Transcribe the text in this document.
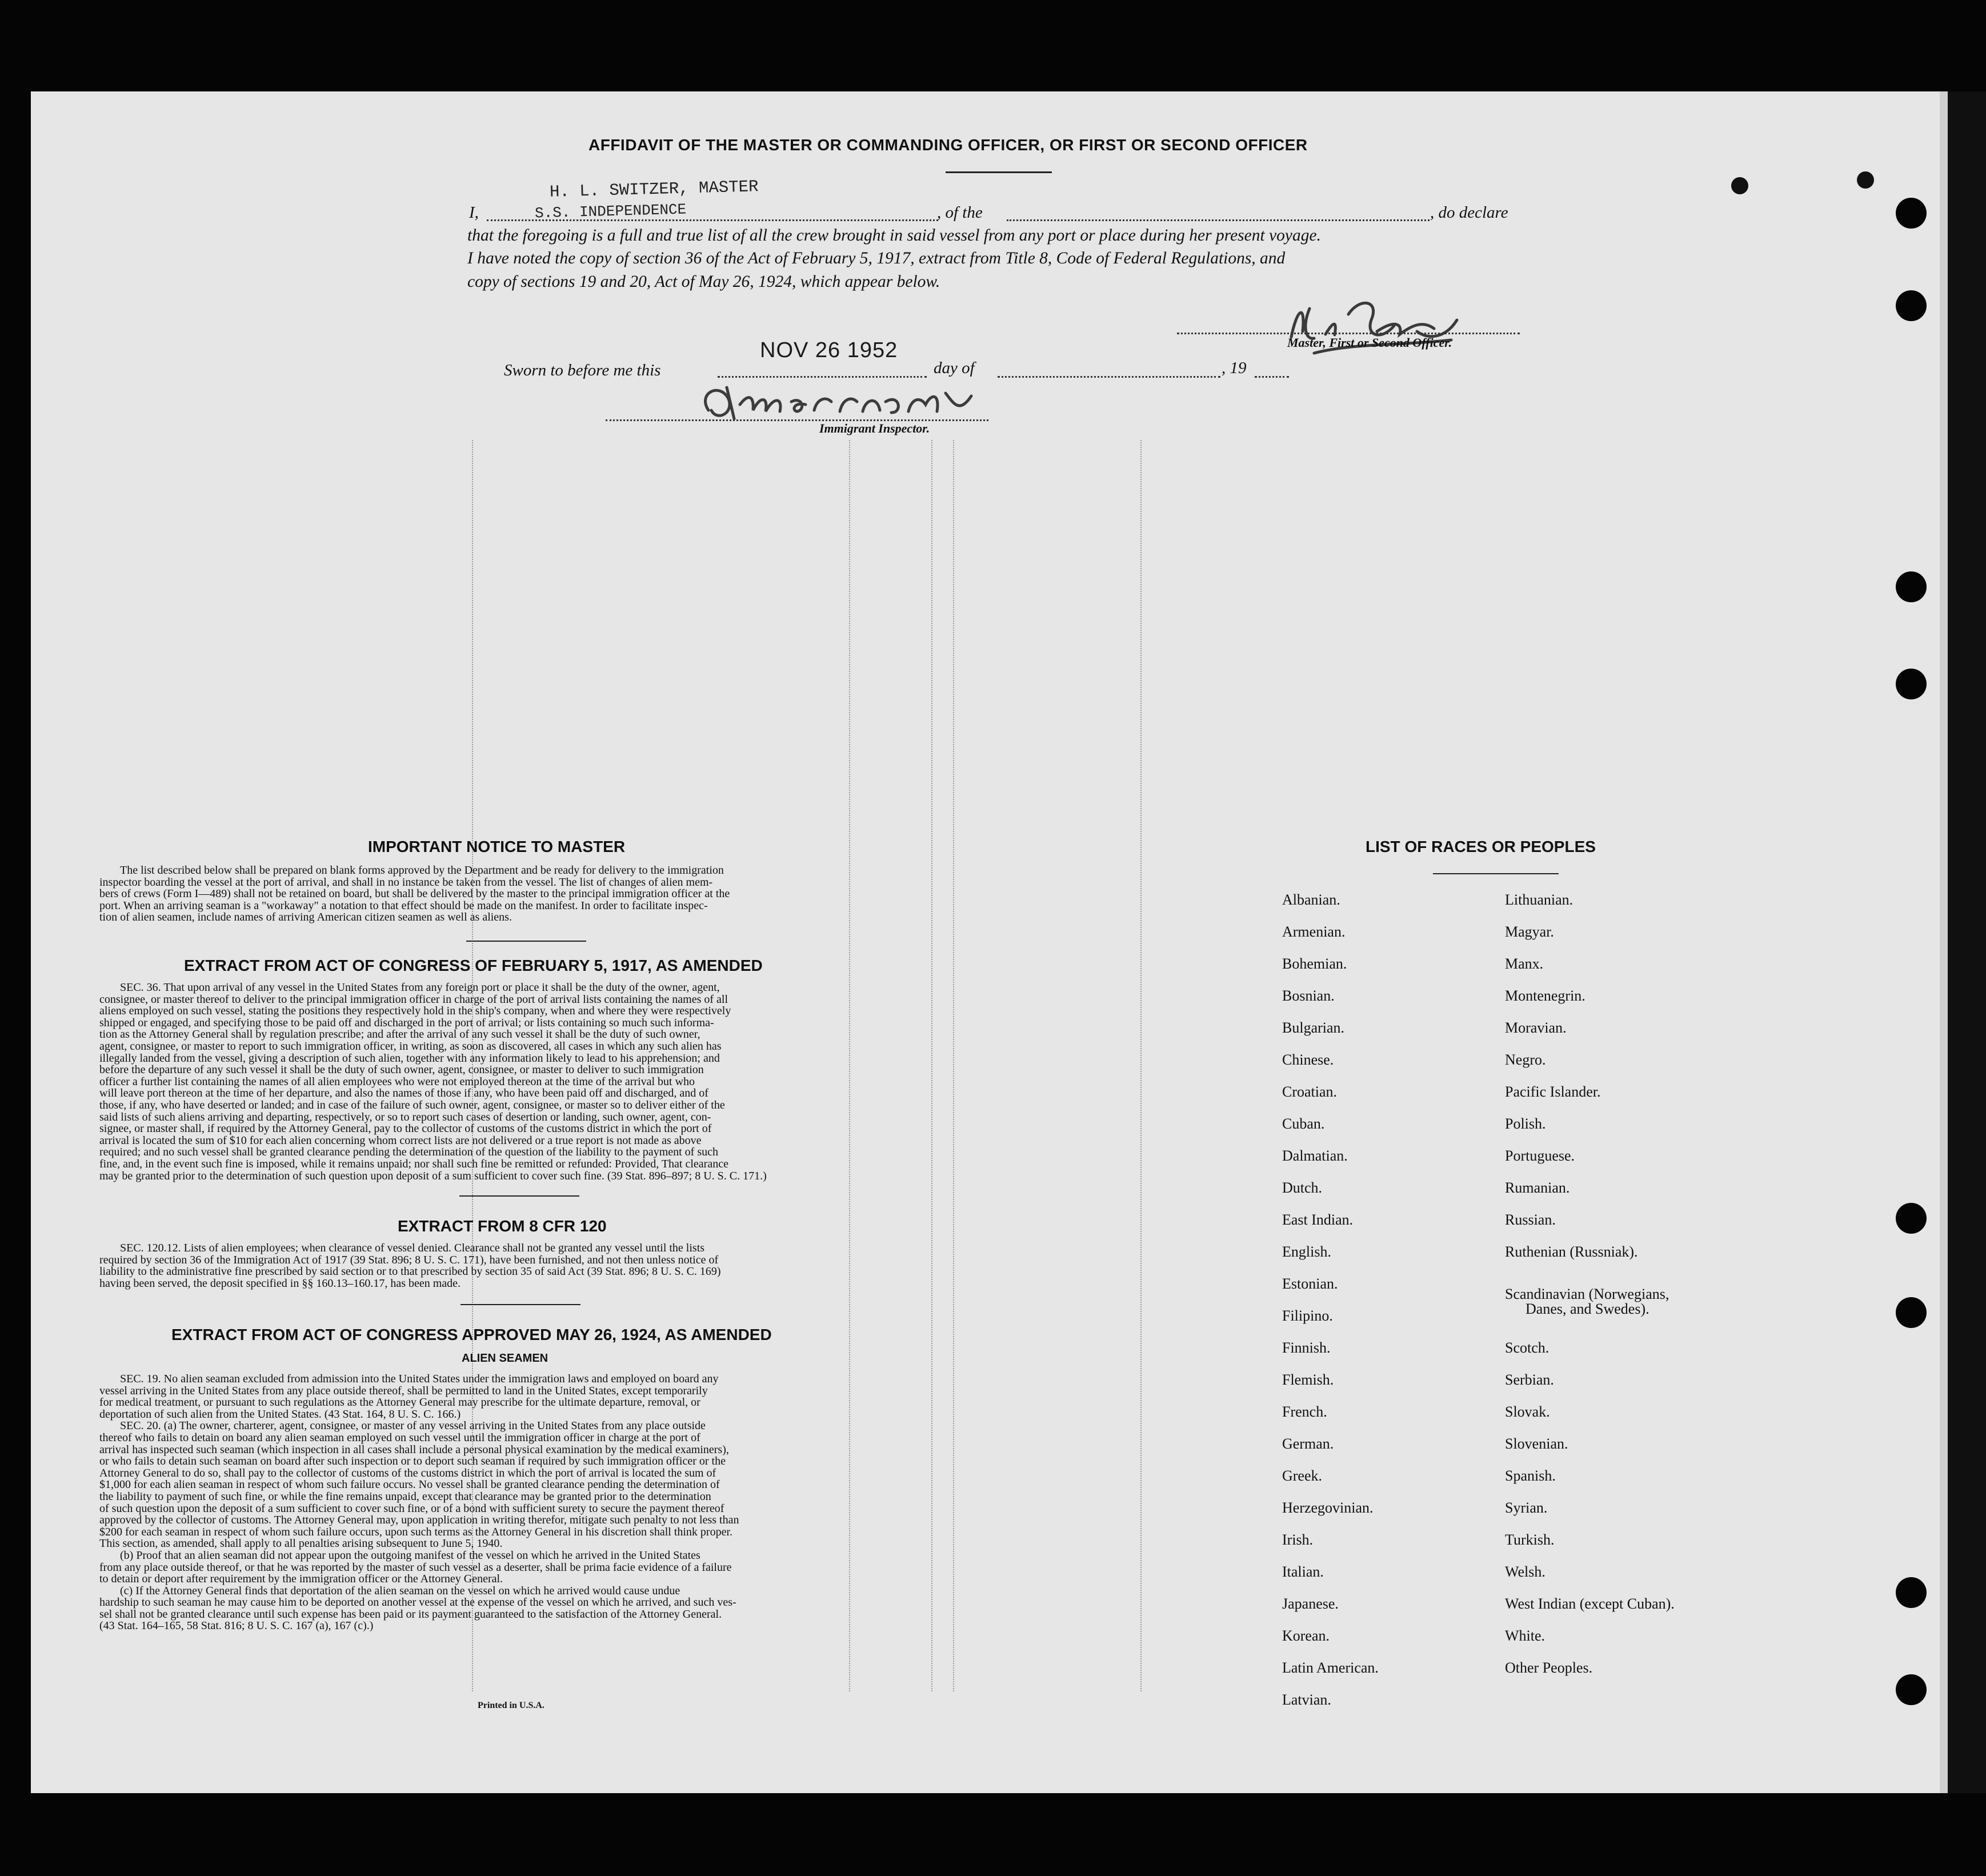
AFFIDAVIT OF THE MASTER OR COMMANDING OFFICER, OR FIRST OR SECOND OFFICER
I,
H. L. SWITZER, MASTER
S.S. INDEPENDENCE	, of the	, do declare
that the foregoing is a full and true list of all the crew brought in said vessel from any port or place during her present voyage.
I have noted the copy of section 36 of the Act of February 5, 1917, extract from Title 8, Code of Federal Regulations, and
copy of sections 19 and 20, Act of May 26, 1924, which appear below.
Master, First or Second Officer.
Sworn to before me this
NOV 26 1952
day of	, 19
Immigrant Inspector.
IMPORTANT NOTICE TO MASTER

The list described below shall be prepared on blank forms approved by the Department and be ready for delivery to the immigration

inspector boarding the vessel at the port of arrival, and shall in no instance be taken from the vessel. The list of changes of alien mem-

bers of crews (Form I—489) shall not be retained on board, but shall be delivered by the master to the principal immigration officer at the

port. When an arriving seaman is a "workaway" a notation to that effect should be made on the manifest. In order to facilitate inspec-

tion of alien seamen, include names of arriving American citizen seamen as well as aliens.

EXTRACT FROM ACT OF CONGRESS OF FEBRUARY 5, 1917, AS AMENDED

SEC. 36. That upon arrival of any vessel in the United States from any foreign port or place it shall be the duty of the owner, agent,

consignee, or master thereof to deliver to the principal immigration officer in charge of the port of arrival lists containing the names of all

aliens employed on such vessel, stating the positions they respectively hold in the ship's company, when and where they were respectively

shipped or engaged, and specifying those to be paid off and discharged in the port of arrival; or lists containing so much such informa-

tion as the Attorney General shall by regulation prescribe; and after the arrival of any such vessel it shall be the duty of such owner,

agent, consignee, or master to report to such immigration officer, in writing, as soon as discovered, all cases in which any such alien has

illegally landed from the vessel, giving a description of such alien, together with any information likely to lead to his apprehension; and

before the departure of any such vessel it shall be the duty of such owner, agent, consignee, or master to deliver to such immigration

officer a further list containing the names of all alien employees who were not employed thereon at the time of the arrival but who

will leave port thereon at the time of her departure, and also the names of those if any, who have been paid off and discharged, and of

those, if any, who have deserted or landed; and in case of the failure of such owner, agent, consignee, or master so to deliver either of the

said lists of such aliens arriving and departing, respectively, or so to report such cases of desertion or landing, such owner, agent, con-

signee, or master shall, if required by the Attorney General, pay to the collector of customs of the customs district in which the port of

arrival is located the sum of $10 for each alien concerning whom correct lists are not delivered or a true report is not made as above

required; and no such vessel shall be granted clearance pending the determination of the question of the liability to the payment of such

fine, and, in the event such fine is imposed, while it remains unpaid; nor shall such fine be remitted or refunded: Provided, That clearance

may be granted prior to the determination of such question upon deposit of a sum sufficient to cover such fine. (39 Stat. 896–897; 8 U. S. C. 171.)

EXTRACT FROM 8 CFR 120

SEC. 120.12. Lists of alien employees; when clearance of vessel denied. Clearance shall not be granted any vessel until the lists

required by section 36 of the Immigration Act of 1917 (39 Stat. 896; 8 U. S. C. 171), have been furnished, and not then unless notice of

liability to the administrative fine prescribed by said section or to that prescribed by section 35 of said Act (39 Stat. 896; 8 U. S. C. 169)

having been served, the deposit specified in §§ 160.13–160.17, has been made.

EXTRACT FROM ACT OF CONGRESS APPROVED MAY 26, 1924, AS AMENDED
ALIEN SEAMEN

SEC. 19. No alien seaman excluded from admission into the United States under the immigration laws and employed on board any

vessel arriving in the United States from any place outside thereof, shall be permitted to land in the United States, except temporarily

for medical treatment, or pursuant to such regulations as the Attorney General may prescribe for the ultimate departure, removal, or

deportation of such alien from the United States. (43 Stat. 164, 8 U. S. C. 166.)

SEC. 20. (a) The owner, charterer, agent, consignee, or master of any vessel arriving in the United States from any place outside

thereof who fails to detain on board any alien seaman employed on such vessel until the immigration officer in charge at the port of

arrival has inspected such seaman (which inspection in all cases shall include a personal physical examination by the medical examiners),

or who fails to detain such seaman on board after such inspection or to deport such seaman if required by such immigration officer or the

Attorney General to do so, shall pay to the collector of customs of the customs district in which the port of arrival is located the sum of

$1,000 for each alien seaman in respect of whom such failure occurs. No vessel shall be granted clearance pending the determination of

the liability to payment of such fine, or while the fine remains unpaid, except that clearance may be granted prior to the determination

of such question upon the deposit of a sum sufficient to cover such fine, or of a bond with sufficient surety to secure the payment thereof

approved by the collector of customs. The Attorney General may, upon application in writing therefor, mitigate such penalty to not less than

$200 for each seaman in respect of whom such failure occurs, upon such terms as the Attorney General in his discretion shall think proper.

This section, as amended, shall apply to all penalties arising subsequent to June 5, 1940.

(b) Proof that an alien seaman did not appear upon the outgoing manifest of the vessel on which he arrived in the United States

from any place outside thereof, or that he was reported by the master of such vessel as a deserter, shall be prima facie evidence of a failure

to detain or deport after requirement by the immigration officer or the Attorney General.

(c) If the Attorney General finds that deportation of the alien seaman on the vessel on which he arrived would cause undue

hardship to such seaman he may cause him to be deported on another vessel at the expense of the vessel on which he arrived, and such ves-

sel shall not be granted clearance until such expense has been paid or its payment guaranteed to the satisfaction of the Attorney General.

(43 Stat. 164–165, 58 Stat. 816; 8 U. S. C. 167 (a), 167 (c).)

Printed in U.S.A.
LIST OF RACES OR PEOPLES
Albanian.
Armenian.
Bohemian.
Bosnian.
Bulgarian.
Chinese.
Croatian.
Cuban.
Dalmatian.
Dutch.
East Indian.
English.
Estonian.
Filipino.
Finnish.
Flemish.
French.
German.
Greek.
Herzegovinian.
Irish.
Italian.
Japanese.
Korean.
Latin American.
Latvian.
Lithuanian.
Magyar.
Manx.
Montenegrin.
Moravian.
Negro.
Pacific Islander.
Polish.
Portuguese.
Rumanian.
Russian.
Ruthenian (Russniak).
Scandinavian (Norwegians,
Danes, and Swedes).
Scotch.
Serbian.
Slovak.
Slovenian.
Spanish.
Syrian.
Turkish.
Welsh.
West Indian (except Cuban).
White.
Other Peoples.
